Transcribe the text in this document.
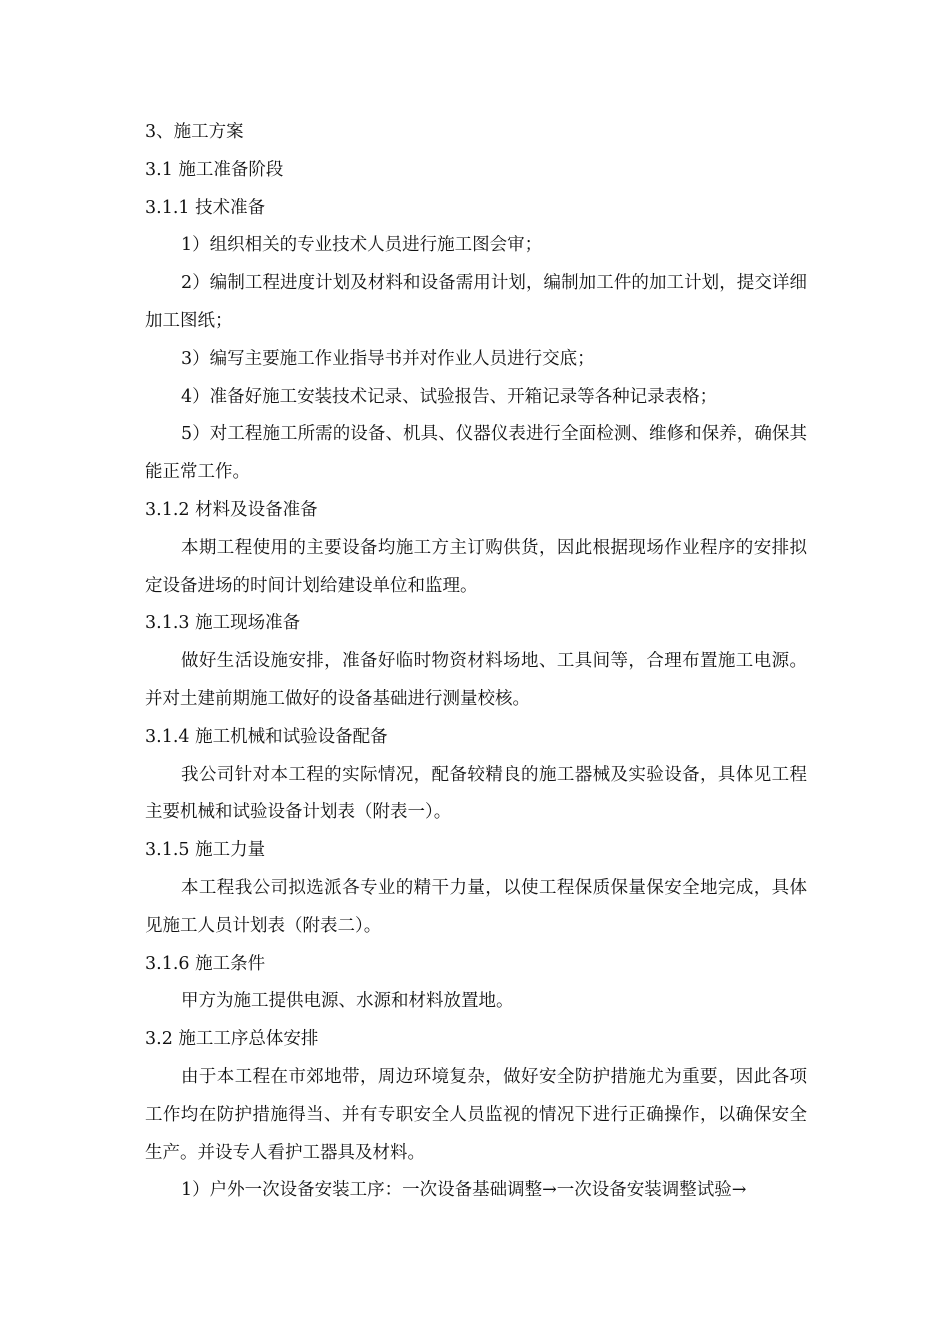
3、施工方案

3.1 施工准备阶段

3.1.1 技术准备

1）组织相关的专业技术人员进行施工图会审；

2）编制工程进度计划及材料和设备需用计划，编制加工件的加工计划，提交详细加工图纸；

3）编写主要施工作业指导书并对作业人员进行交底；

4）准备好施工安装技术记录、试验报告、开箱记录等各种记录表格；

5）对工程施工所需的设备、机具、仪器仪表进行全面检测、维修和保养，确保其能正常工作。

3.1.2 材料及设备准备

本期工程使用的主要设备均施工方主订购供货，因此根据现场作业程序的安排拟定设备进场的时间计划给建设单位和监理。

3.1.3 施工现场准备

做好生活设施安排，准备好临时物资材料场地、工具间等，合理布置施工电源。并对土建前期施工做好的设备基础进行测量校核。

3.1.4 施工机械和试验设备配备

我公司针对本工程的实际情况，配备较精良的施工器械及实验设备，具体见工程主要机械和试验设备计划表（附表一）。

3.1.5 施工力量

本工程我公司拟选派各专业的精干力量，以使工程保质保量保安全地完成，具体见施工人员计划表（附表二）。

3.1.6 施工条件

甲方为施工提供电源、水源和材料放置地。

3.2 施工工序总体安排

由于本工程在市郊地带，周边环境复杂，做好安全防护措施尤为重要，因此各项工作均在防护措施得当、并有专职安全人员监视的情况下进行正确操作，以确保安全生产。并设专人看护工器具及材料。

1）户外一次设备安装工序：一次设备基础调整→一次设备安装调整试验→
